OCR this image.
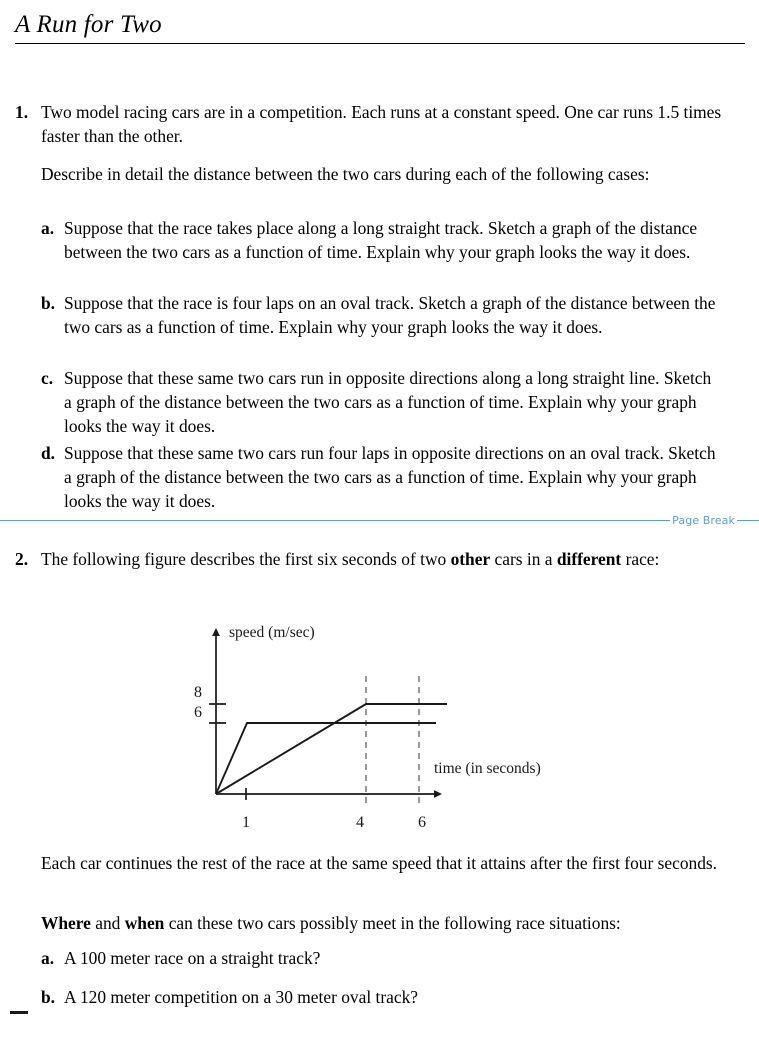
A Run for Two
1. Two model racing cars are in a competition. Each runs at a constant speed. One car runs 1.5 times faster than the other.
Describe in detail the distance between the two cars during each of the following cases:
a. Suppose that the race takes place along a long straight track. Sketch a graph of the distance between the two cars as a function of time. Explain why your graph looks the way it does.
b. Suppose that the race is four laps on an oval track. Sketch a graph of the distance between the two cars as a function of time. Explain why your graph looks the way it does.
c. Suppose that these same two cars run in opposite directions along a long straight line. Sketch a graph of the distance between the two cars as a function of time. Explain why your graph looks the way it does.
d. Suppose that these same two cars run four laps in opposite directions on an oval track. Sketch a graph of the distance between the two cars as a function of time. Explain why your graph looks the way it does.
Page Break
2. The following figure describes the first six seconds of two other cars in a different race:
8
6
1	4	6
speed (m/sec)
time (in seconds)
Each car continues the rest of the race at the same speed that it attains after the first four seconds.
Where and when can these two cars possibly meet in the following race situations:
a. A 100 meter race on a straight track?
b. A 120 meter competition on a 30 meter oval track?
